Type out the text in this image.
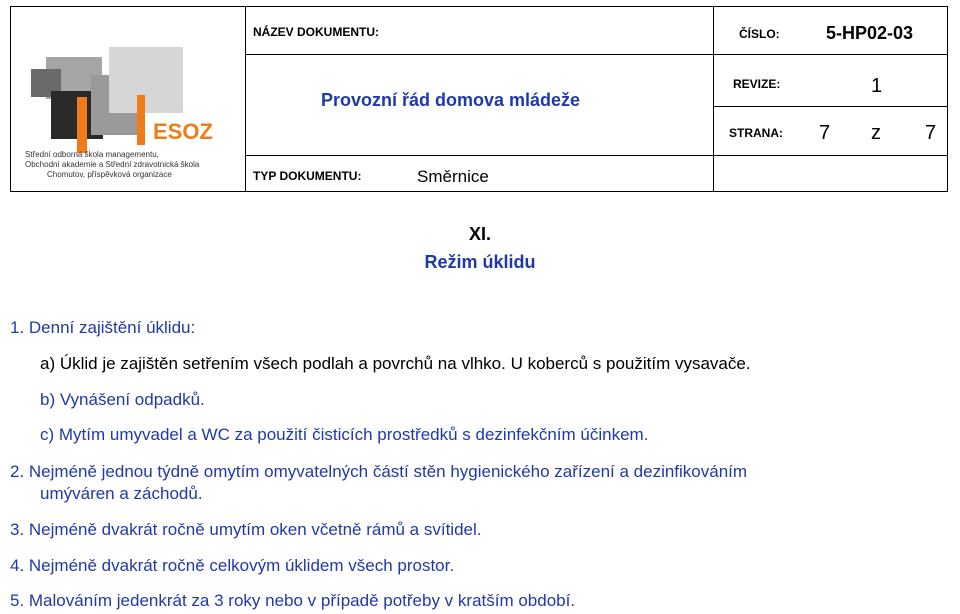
ESOZ
Střední odborná škola managementu,
Obchodní akademie a Střední zdravotnická škola
Chomutov, příspěvková organizace
NÁZEV DOKUMENTU:
Provozní řád domova mládeže
TYP DOKUMENTU:	Směrnice
ČÍSLO:	5-HP02-03
REVIZE:	1
STRANA: 7 z 7
XI.
Režim úklidu
1. Denní zajištění úklidu:
a) Úklid je zajištěn setřením všech podlah a povrchů na vlhko. U koberců s použitím vysavače.
b) Vynášení odpadků.
c) Mytím umyvadel a WC za použití čisticích prostředků s dezinfekčním účinkem.
2. Nejméně jednou týdně omytím omyvatelných částí stěn hygienického zařízení a dezinfikováním
umýváren a záchodů.
3. Nejméně dvakrát ročně umytím oken včetně rámů a svítidel.
4. Nejméně dvakrát ročně celkovým úklidem všech prostor.
5. Malováním jedenkrát za 3 roky nebo v případě potřeby v kratším období.
